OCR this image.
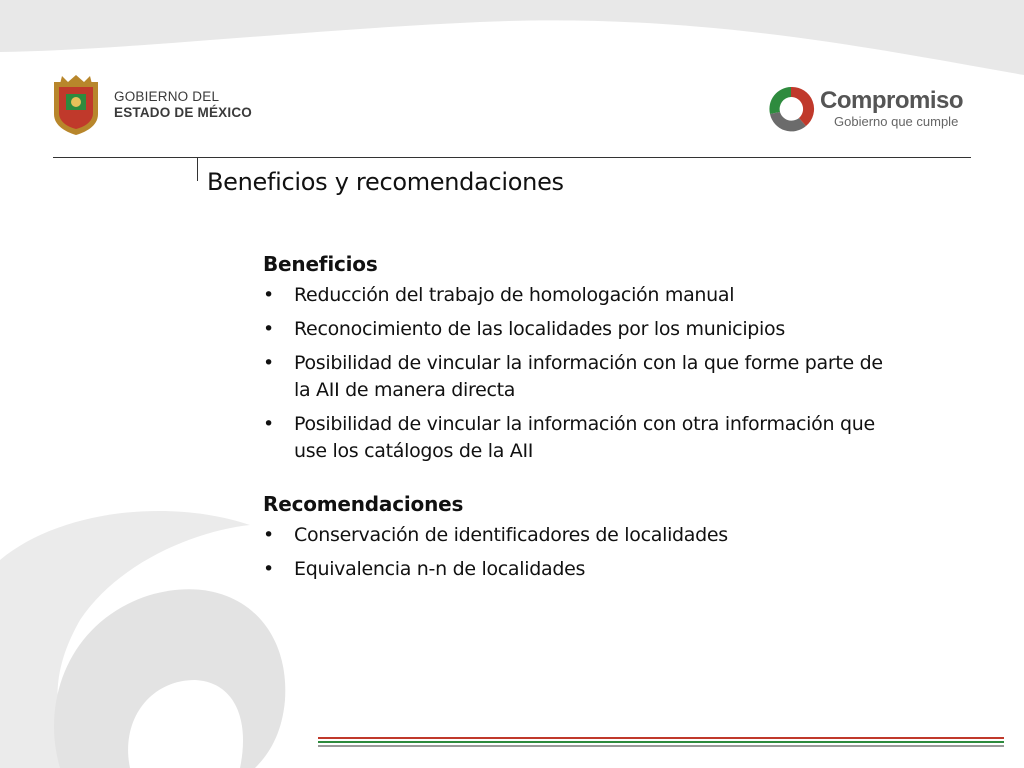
GOBIERNO DEL
ESTADO DE MÉXICO	Compromiso
Gobierno que cumple
Beneficios y recomendaciones
Beneficios
• Reducción del trabajo de homologación manual
• Reconocimiento de las localidades por los municipios
• Posibilidad de vincular la información con la que forme parte de la AII de manera directa
• Posibilidad de vincular la información con otra información que use los catálogos de la AII
Recomendaciones
• Conservación de identificadores de localidades
• Equivalencia n-n de localidades
